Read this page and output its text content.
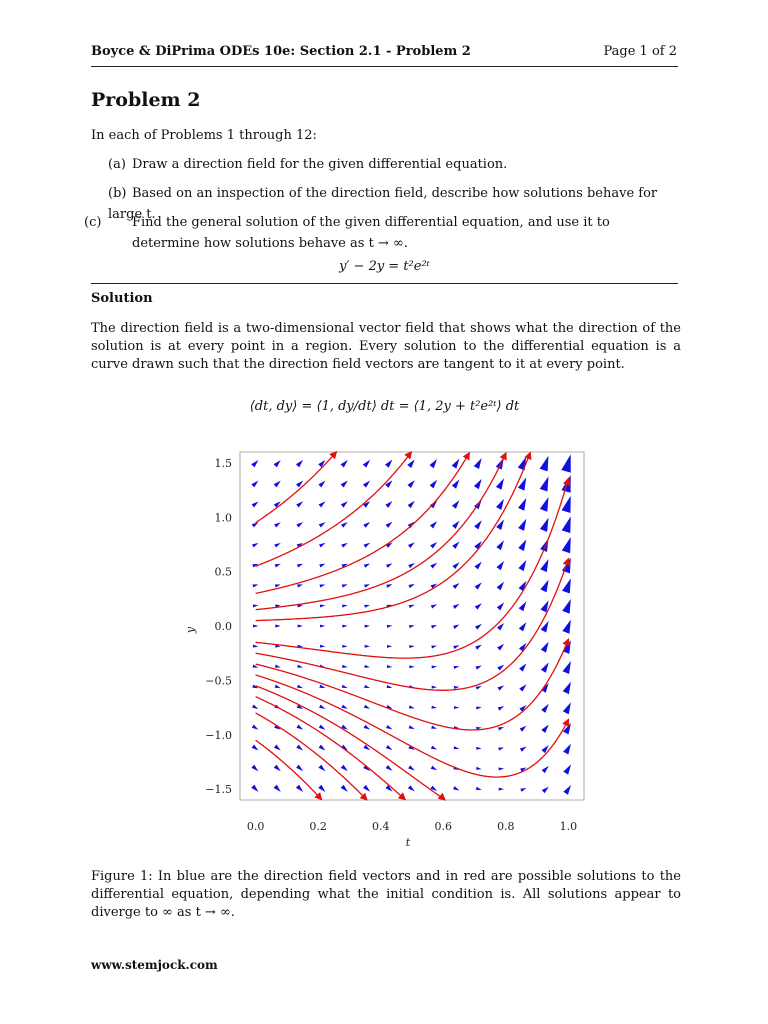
Boyce & DiPrima ODEs 10e: Section 2.1 - Problem 2	Page 1 of 2
Problem 2
In each of Problems 1 through 12:
(a) Draw a direction field for the given differential equation.
(b) Based on an inspection of the direction field, describe how solutions behave for large t.
(c) Find the general solution of the given differential equation, and use it to determine how solutions behave as t → ∞.
y′ − 2y = t²e²ᵗ
Solution
The direction field is a two-dimensional vector field that shows what the direction of the solution is at every point in a region. Every solution to the differential equation is a curve drawn such that the direction field vectors are tangent to it at every point.
⟨dt, dy⟩ = ⟨1, dy/dt⟩ dt = ⟨1, 2y + t²e²ᵗ⟩ dt
0.0	0.2	0.4	0.6	0.8	1.0
1.5
1.0
0.5
0.0
−0.5
−1.0
−1.5
t
y
Figure 1: In blue are the direction field vectors and in red are possible solutions to the differential equation, depending what the initial condition is. All solutions appear to diverge to ∞ as t → ∞.
www.stemjock.com
